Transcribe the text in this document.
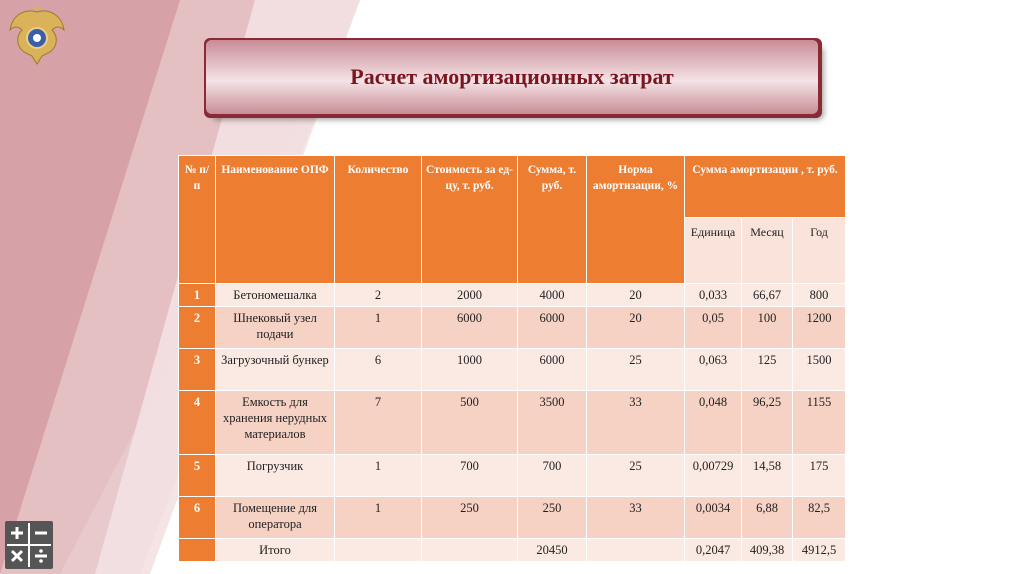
Расчет амортизационных затрат
№ п/п	Наименование ОПФ	Количество	Стоимость за ед-цу, т. руб.	Сумма, т. руб.	Норма амортизации, %	Сумма амортизации , т. руб.		
						Единица	Месяц	Год
1	Бетономешалка	2	2000	4000	20	0,033	66,67	800
2	Шнековый узел подачи	1	6000	6000	20	0,05	100	1200
3	Загрузочный бункер	6	1000	6000	25	0,063	125	1500
4	Емкость для хранения нерудных материалов	7	500	3500	33	0,048	96,25	1155
5	Погрузчик	1	700	700	25	0,00729	14,58	175
6	Помещение для оператора	1	250	250	33	0,0034	6,88	82,5
	Итого			20450		0,2047	409,38	4912,5
